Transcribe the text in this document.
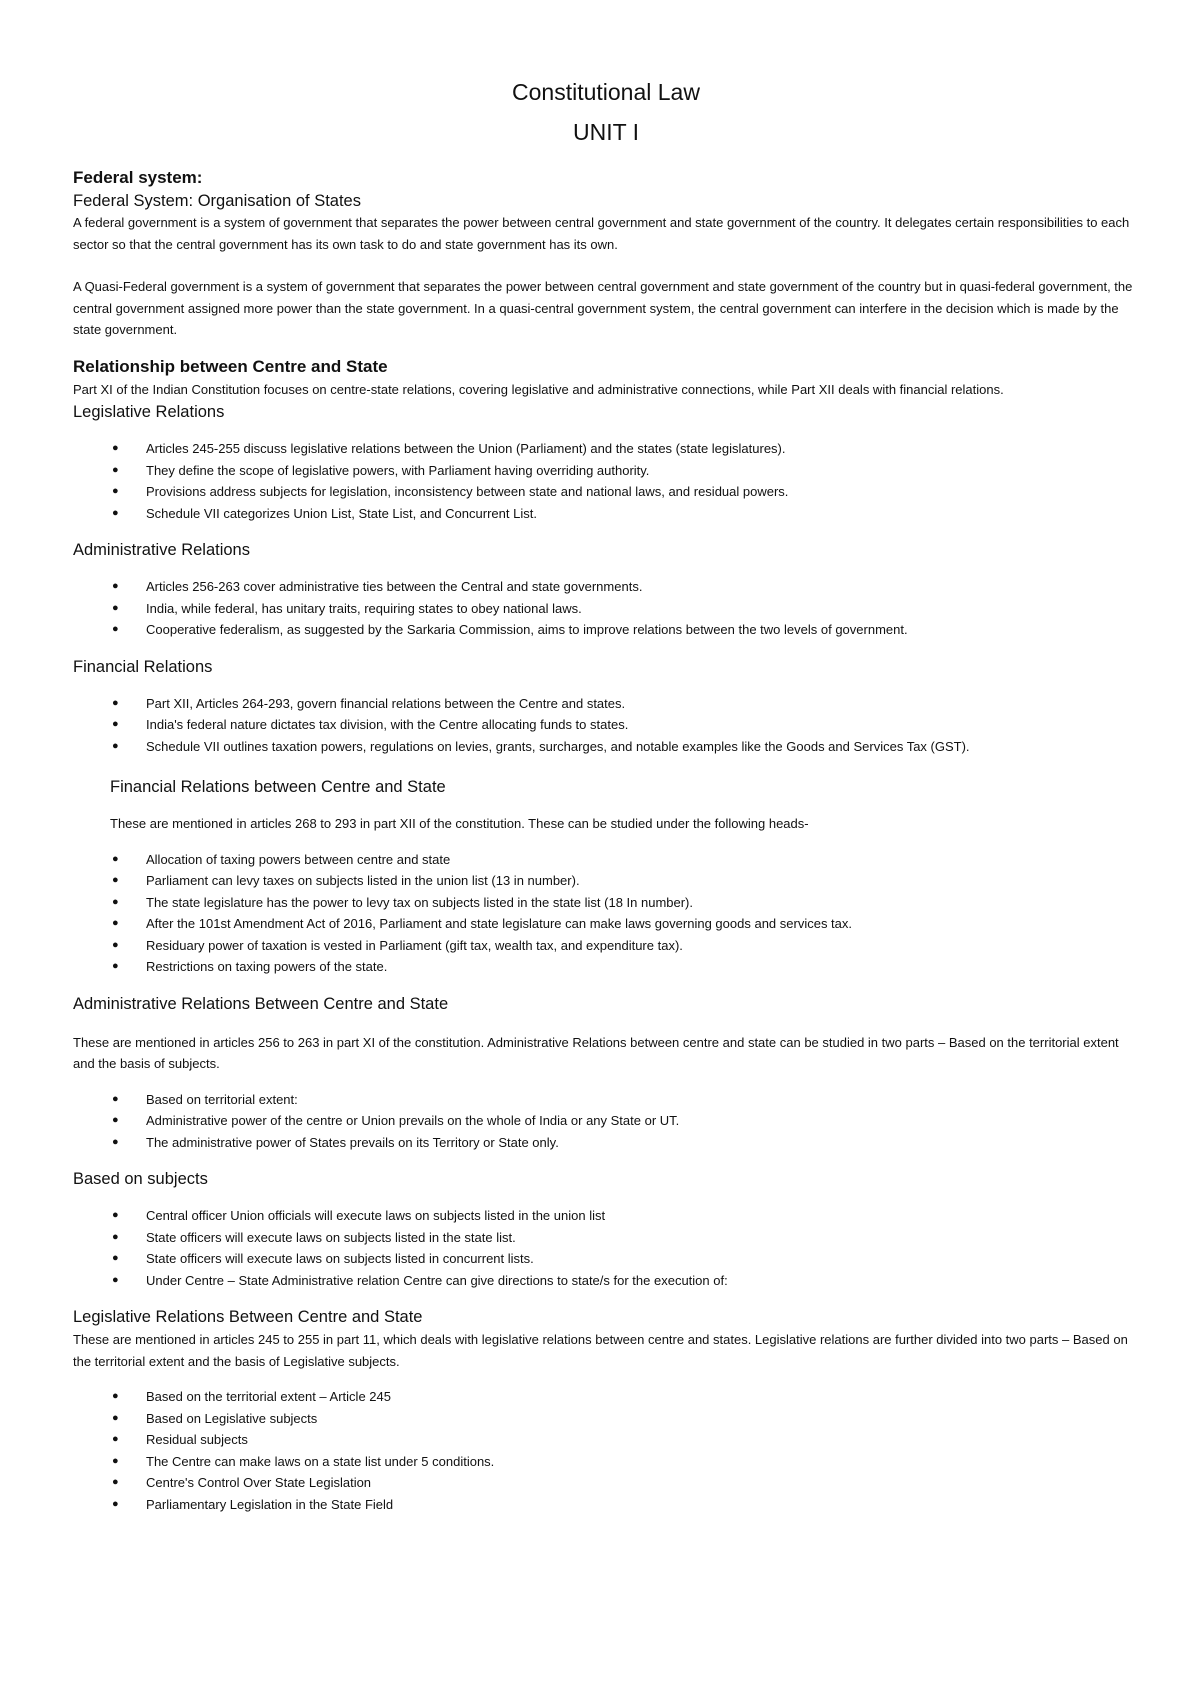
Constitutional Law
UNIT I
Federal system:
Federal System: Organisation of States

A federal government is a system of government that separates the power between central government and state government of the country. It delegates certain responsibilities to each sector so that the central government has its own task to do and state government has its own.

A Quasi-Federal government is a system of government that separates the power between central government and state government of the country but in quasi-federal government, the central government assigned more power than the state government. In a quasi-central government system, the central government can interfere in the decision which is made by the state government.

Relationship between Centre and State

Part XI of the Indian Constitution focuses on centre-state relations, covering legislative and administrative connections, while Part XII deals with financial relations.

Legislative Relations
● Articles 245-255 discuss legislative relations between the Union (Parliament) and the states (state legislatures).
● They define the scope of legislative powers, with Parliament having overriding authority.
● Provisions address subjects for legislation, inconsistency between state and national laws, and residual powers.
● Schedule VII categorizes Union List, State List, and Concurrent List.
Administrative Relations
● Articles 256-263 cover administrative ties between the Central and state governments.
● India, while federal, has unitary traits, requiring states to obey national laws.
● Cooperative federalism, as suggested by the Sarkaria Commission, aims to improve relations between the two levels of government.
Financial Relations
● Part XII, Articles 264-293, govern financial relations between the Centre and states.
● India's federal nature dictates tax division, with the Centre allocating funds to states.
● Schedule VII outlines taxation powers, regulations on levies, grants, surcharges, and notable examples like the Goods and Services Tax (GST).
Financial Relations between Centre and State

These are mentioned in articles 268 to 293 in part XII of the constitution. These can be studied under the following heads-

● Allocation of taxing powers between centre and state
● Parliament can levy taxes on subjects listed in the union list (13 in number).
● The state legislature has the power to levy tax on subjects listed in the state list (18 In number).
● After the 101st Amendment Act of 2016, Parliament and state legislature can make laws governing goods and services tax.
● Residuary power of taxation is vested in Parliament (gift tax, wealth tax, and expenditure tax).
● Restrictions on taxing powers of the state.
Administrative Relations Between Centre and State

These are mentioned in articles 256 to 263 in part XI of the constitution. Administrative Relations between centre and state can be studied in two parts – Based on the territorial extent and the basis of subjects.

● Based on territorial extent:
● Administrative power of the centre or Union prevails on the whole of India or any State or UT.
● The administrative power of States prevails on its Territory or State only.
Based on subjects
● Central officer Union officials will execute laws on subjects listed in the union list
● State officers will execute laws on subjects listed in the state list.
● State officers will execute laws on subjects listed in concurrent lists.
● Under Centre – State Administrative relation Centre can give directions to state/s for the execution of:
Legislative Relations Between Centre and State

These are mentioned in articles 245 to 255 in part 11, which deals with legislative relations between centre and states. Legislative relations are further divided into two parts – Based on the territorial extent and the basis of Legislative subjects.

● Based on the territorial extent – Article 245
● Based on Legislative subjects
● Residual subjects
● The Centre can make laws on a state list under 5 conditions.
● Centre's Control Over State Legislation
● Parliamentary Legislation in the State Field
